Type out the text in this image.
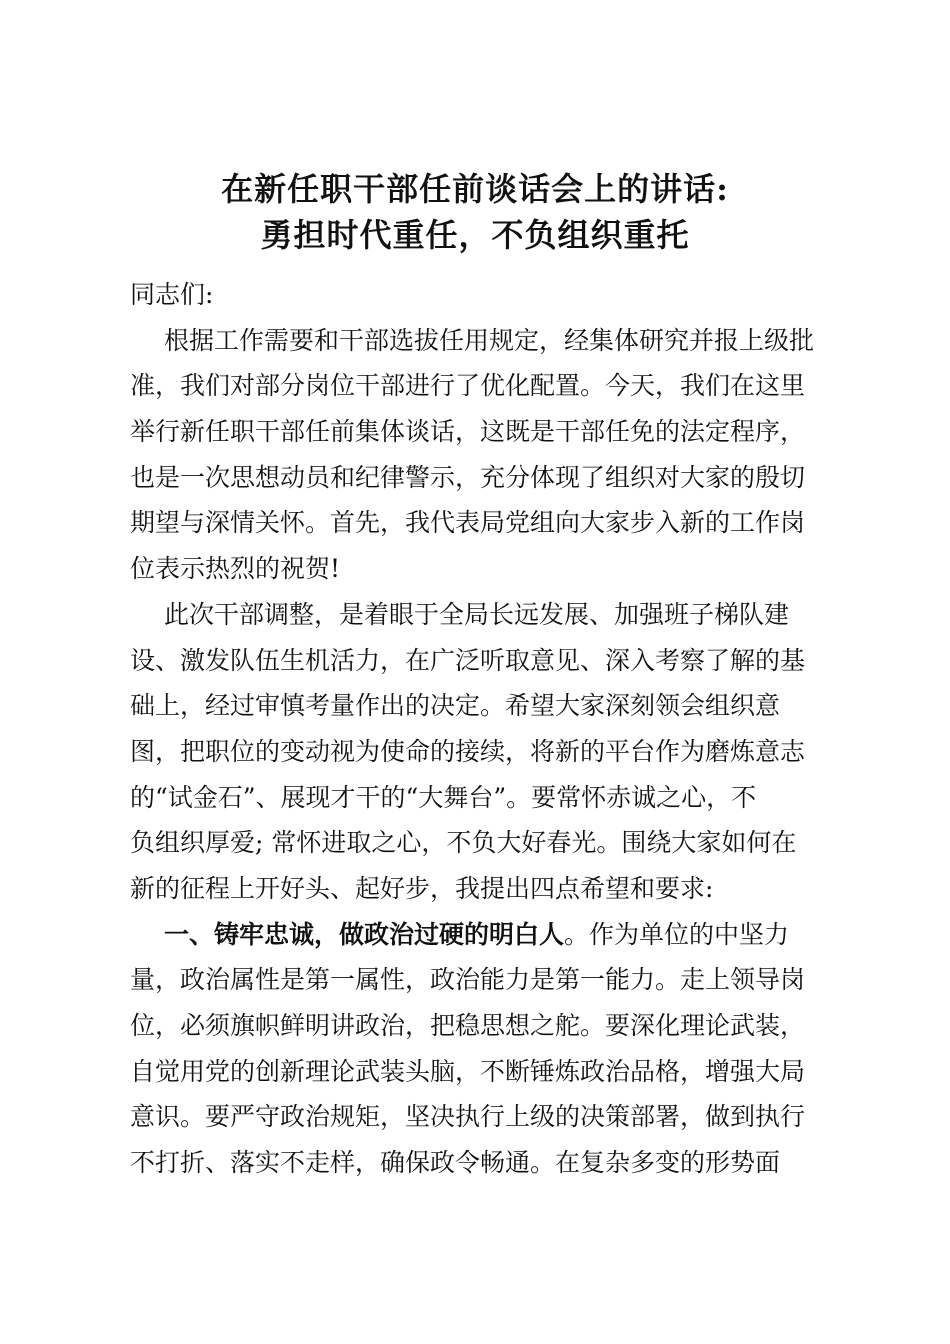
在新任职干部任前谈话会上的讲话:
勇担时代重任，不负组织重托
同志们:
根据工作需要和干部选拔任用规定，经集体研究并报上级批
准，我们对部分岗位干部进行了优化配置。今天，我们在这里
举行新任职干部任前集体谈话，这既是干部任免的法定程序，
也是一次思想动员和纪律警示，充分体现了组织对大家的殷切
期望与深情关怀。首先，我代表局党组向大家步入新的工作岗
位表示热烈的祝贺!
此次干部调整，是着眼于全局长远发展、加强班子梯队建
设、激发队伍生机活力，在广泛听取意见、深入考察了解的基
础上，经过审慎考量作出的决定。希望大家深刻领会组织意
图，把职位的变动视为使命的接续，将新的平台作为磨炼意志
的“试金石”、展现才干的“大舞台”。要常怀赤诚之心，不
负组织厚爱; 常怀进取之心，不负大好春光。围绕大家如何在
新的征程上开好头、起好步，我提出四点希望和要求:
一、铸牢忠诚，做政治过硬的明白人。作为单位的中坚力
量，政治属性是第一属性，政治能力是第一能力。走上领导岗
位，必须旗帜鲜明讲政治，把稳思想之舵。要深化理论武装，
自觉用党的创新理论武装头脑，不断锤炼政治品格，增强大局
意识。要严守政治规矩，坚决执行上级的决策部署，做到执行
不打折、落实不走样，确保政令畅通。在复杂多变的形势面
